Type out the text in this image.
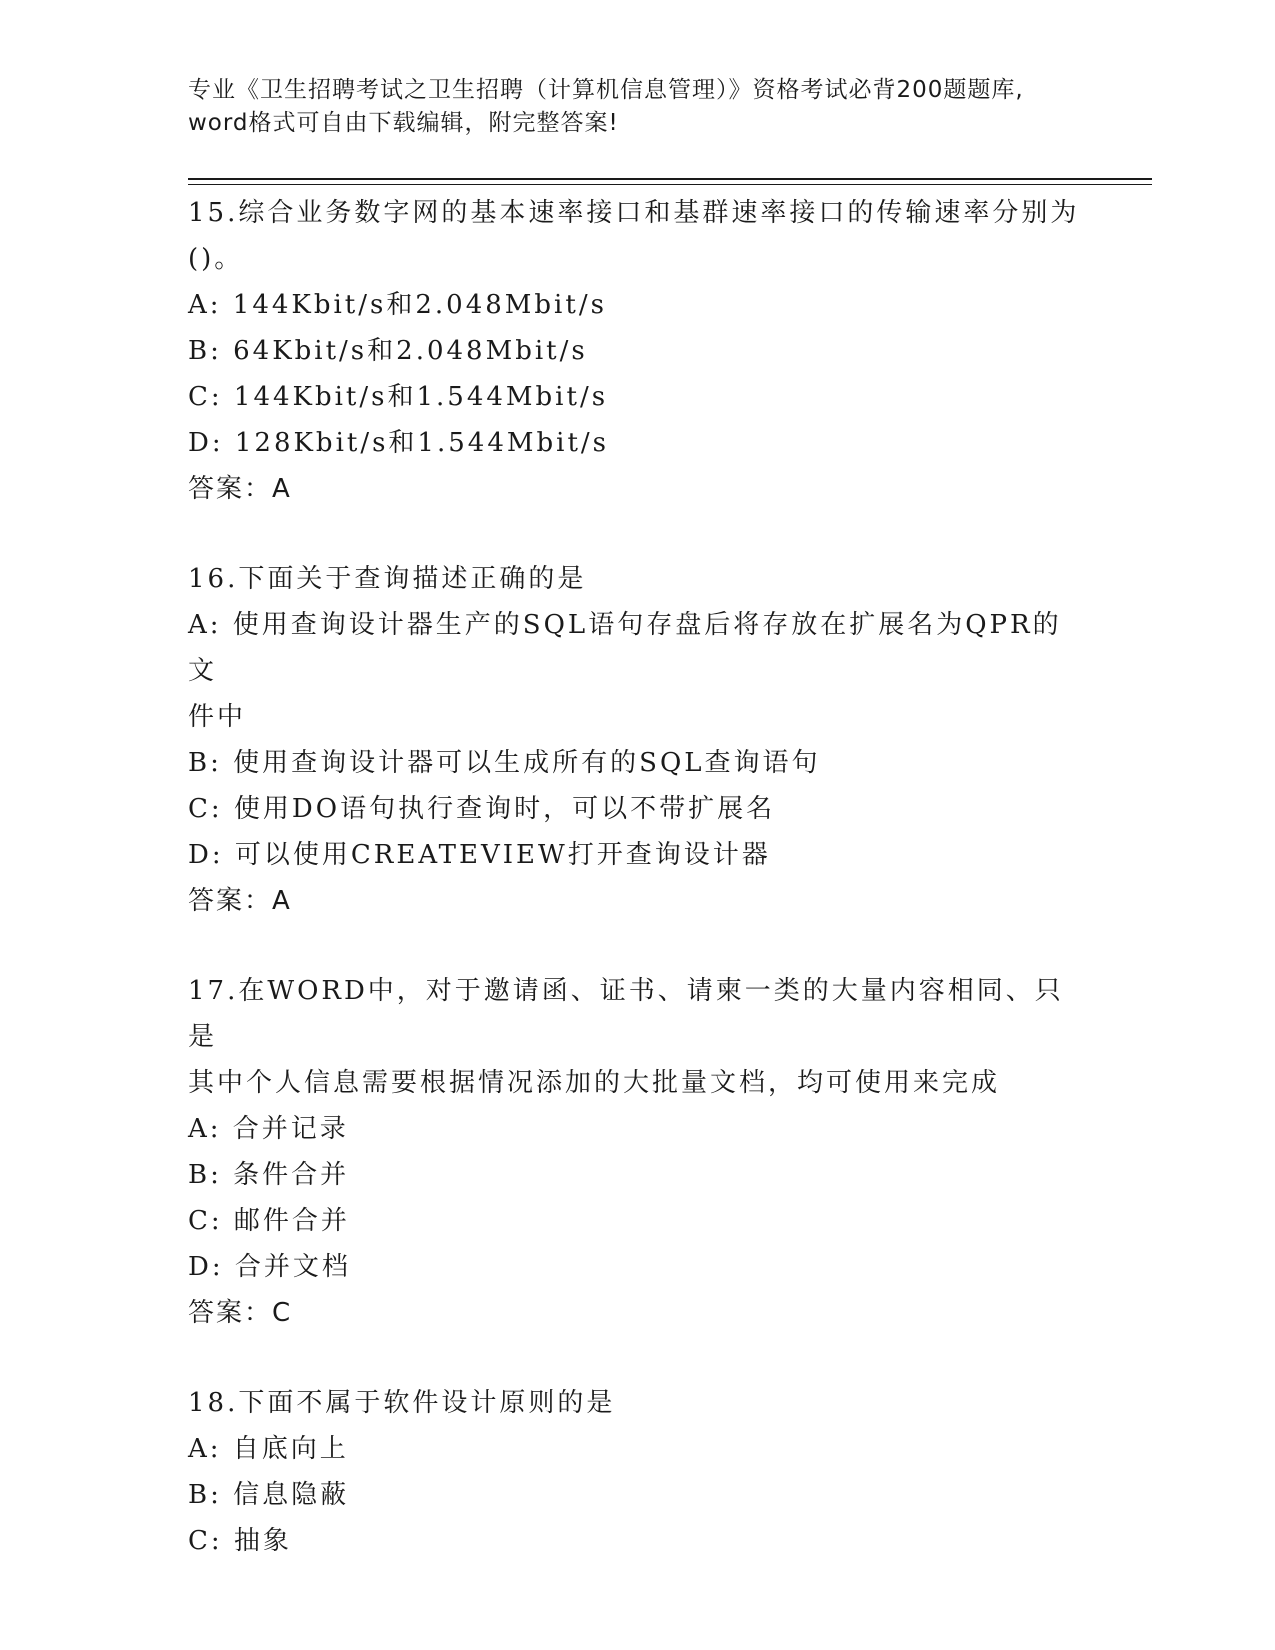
专业《卫生招聘考试之卫生招聘（计算机信息管理）》资格考试必背200题题库,
word格式可自由下载编辑，附完整答案!
15.综合业务数字网的基本速率接口和基群速率接口的传输速率分别为
()。
A: 144Kbit/s和2.048Mbit/s
B: 64Kbit/s和2.048Mbit/s
C: 144Kbit/s和1.544Mbit/s
D: 128Kbit/s和1.544Mbit/s
答案：A
16.下面关于查询描述正确的是
A: 使用查询设计器生产的SQL语句存盘后将存放在扩展名为QPR的文
件中
B: 使用查询设计器可以生成所有的SQL查询语句
C: 使用DO语句执行查询时，可以不带扩展名
D: 可以使用CREATEVIEW打开查询设计器
答案：A
17.在WORD中，对于邀请函、证书、请柬一类的大量内容相同、只是
其中个人信息需要根据情况添加的大批量文档，均可使用来完成
A: 合并记录
B: 条件合并
C: 邮件合并
D: 合并文档
答案：C
18.下面不属于软件设计原则的是
A: 自底向上
B: 信息隐蔽
C: 抽象
